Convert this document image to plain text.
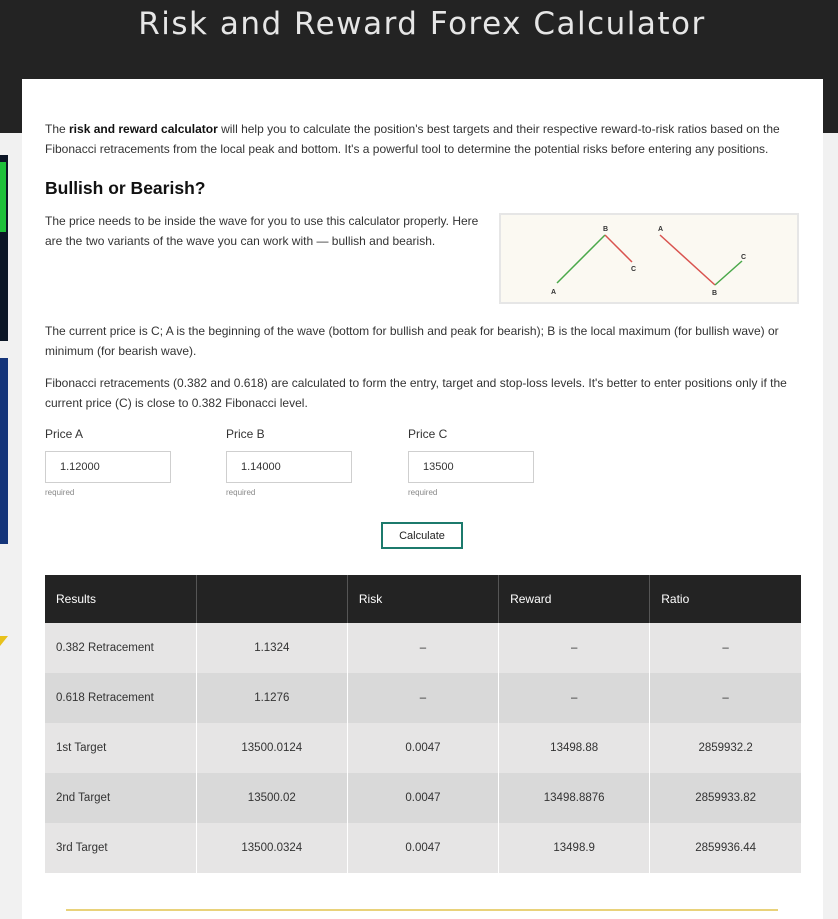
Risk and Reward Forex Calculator
The risk and reward calculator will help you to calculate the position's best targets and their respective reward-to-risk ratios based on the Fibonacci retracements from the local peak and bottom. It's a powerful tool to determine the potential risks before entering any positions.
Bullish or Bearish?
The price needs to be inside the wave for you to use this calculator properly. Here are the two variants of the wave you can work with — bullish and bearish.
A
B
C
A
B
C
The current price is C; A is the beginning of the wave (bottom for bullish and peak for bearish); B is the local maximum (for bullish wave) or minimum (for bearish wave).
Fibonacci retracements (0.382 and 0.618) are calculated to form the entry, target and stop-loss levels. It's better to enter positions only if the current price (C) is close to 0.382 Fibonacci level.
Price A
1.12000
required
Price B
1.14000
required
Price C
13500
required
Calculate
Results		Risk	Reward	Ratio
0.382 Retracement	1.1324	–	–	–
0.618 Retracement	1.1276	–	–	–
1st Target	13500.0124	0.0047	13498.88	2859932.2
2nd Target	13500.02	0.0047	13498.8876	2859933.82
3rd Target	13500.0324	0.0047	13498.9	2859936.44
